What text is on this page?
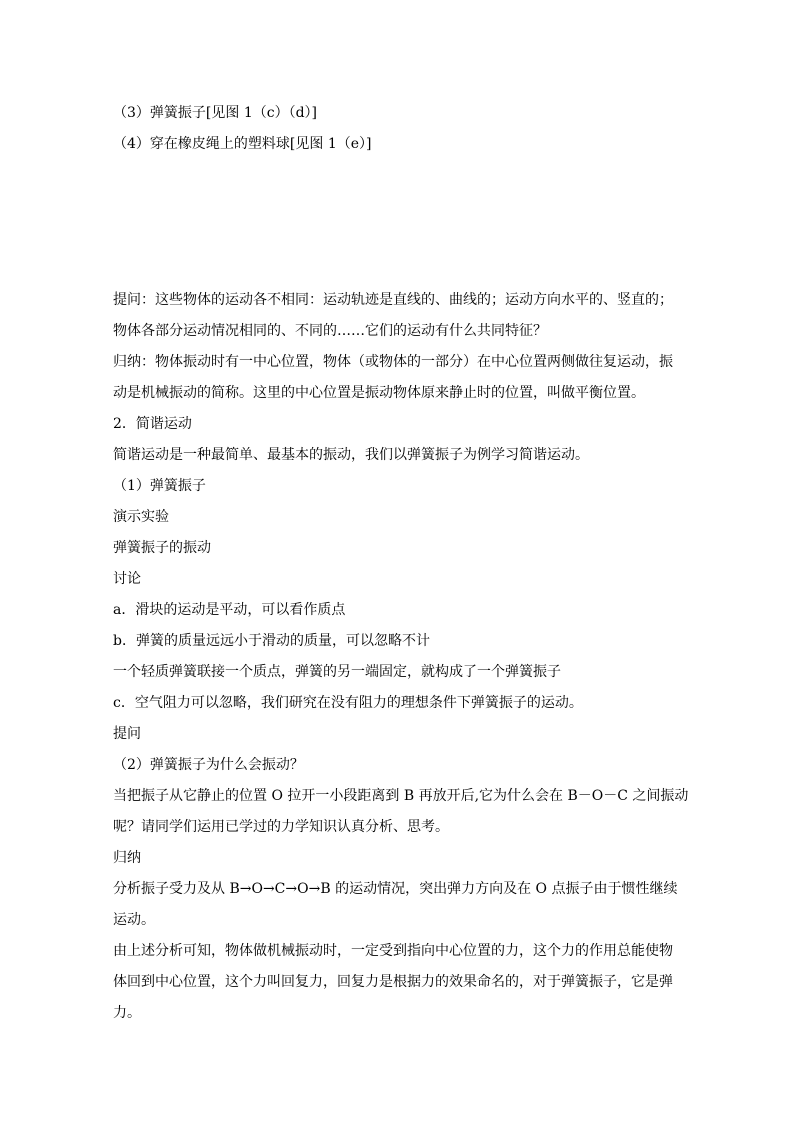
（3）弹簧振子[见图 1（c）（d）]
（4）穿在橡皮绳上的塑料球[见图 1（e）]
提问：这些物体的运动各不相同：运动轨迹是直线的、曲线的；运动方向水平的、竖直的；
物体各部分运动情况相同的、不同的……它们的运动有什么共同特征？
归纳：物体振动时有一中心位置，物体（或物体的一部分）在中心位置两侧做往复运动，振
动是机械振动的简称。这里的中心位置是振动物体原来静止时的位置，叫做平衡位置。
2．简谐运动
简谐运动是一种最简单、最基本的振动，我们以弹簧振子为例学习简谐运动。
（1）弹簧振子
演示实验
弹簧振子的振动
讨论
a．滑块的运动是平动，可以看作质点
b．弹簧的质量远远小于滑动的质量，可以忽略不计
一个轻质弹簧联接一个质点，弹簧的另一端固定，就构成了一个弹簧振子
c．空气阻力可以忽略，我们研究在没有阻力的理想条件下弹簧振子的运动。
提问
（2）弹簧振子为什么会振动？
当把振子从它静止的位置 O 拉开一小段距离到 B 再放开后,它为什么会在 B－O－C 之间振动
呢？请同学们运用已学过的力学知识认真分析、思考。
归纳
分析振子受力及从 B→O→C→O→B 的运动情况，突出弹力方向及在 O 点振子由于惯性继续
运动。
由上述分析可知，物体做机械振动时，一定受到指向中心位置的力，这个力的作用总能使物
体回到中心位置，这个力叫回复力，回复力是根据力的效果命名的，对于弹簧振子，它是弹
力。
